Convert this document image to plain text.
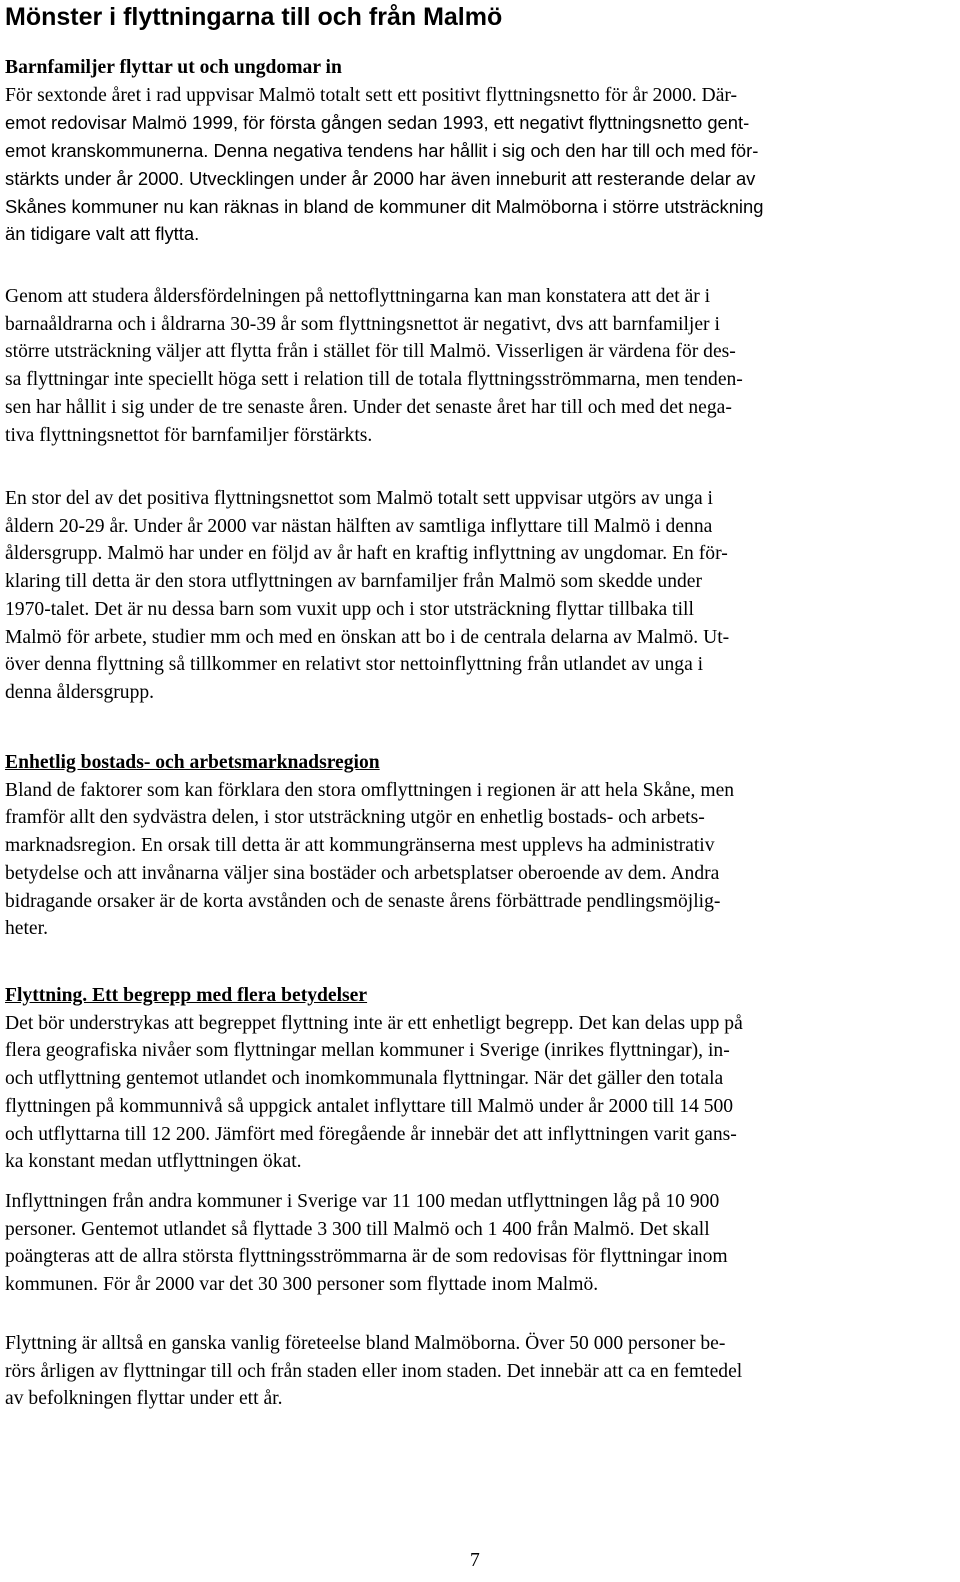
Mönster i flyttningarna till och från Malmö
Barnfamiljer flyttar ut och ungdomar in
För sextonde året i rad uppvisar Malmö totalt sett ett positivt flyttningsnetto för år 2000. Där-
emot redovisar Malmö 1999, för första gången sedan 1993, ett negativt flyttningsnetto gent-
emot kranskommunerna. Denna negativa tendens har hållit i sig och den har till och med för-
stärkts under år 2000. Utvecklingen under år 2000 har även inneburit att resterande delar av
Skånes kommuner nu kan räknas in bland de kommuner dit Malmöborna i större utsträckning
än tidigare valt att flytta.
Genom att studera åldersfördelningen på nettoflyttningarna kan man konstatera att det är i
barnaåldrarna och i åldrarna 30-39 år som flyttningsnettot är negativt, dvs att barnfamiljer i
större utsträckning väljer att flytta från i stället för till Malmö. Visserligen är värdena för des-
sa flyttningar inte speciellt höga sett i relation till de totala flyttningsströmmarna, men tenden-
sen har hållit i sig under de tre senaste åren. Under det senaste året har till och med det nega-
tiva flyttningsnettot för barnfamiljer förstärkts.
En stor del av det positiva flyttningsnettot som Malmö totalt sett uppvisar utgörs av unga i
åldern 20-29 år. Under år 2000 var nästan hälften av samtliga inflyttare till Malmö i denna
åldersgrupp. Malmö har under en följd av år haft en kraftig inflyttning av ungdomar. En för-
klaring till detta är den stora utflyttningen av barnfamiljer från Malmö som skedde under
1970-talet. Det är nu dessa barn som vuxit upp och i stor utsträckning flyttar tillbaka till
Malmö för arbete, studier mm och med en önskan att bo i de centrala delarna av Malmö. Ut-
över denna flyttning så tillkommer en relativt stor nettoinflyttning från utlandet av unga i
denna åldersgrupp.
Enhetlig bostads- och arbetsmarknadsregion
Bland de faktorer som kan förklara den stora omflyttningen i regionen är att hela Skåne, men
framför allt den sydvästra delen, i stor utsträckning utgör en enhetlig bostads- och arbets-
marknadsregion. En orsak till detta är att kommungränserna mest upplevs ha administrativ
betydelse och att invånarna väljer sina bostäder och arbetsplatser oberoende av dem. Andra
bidragande orsaker är de korta avstånden och de senaste årens förbättrade pendlingsmöjlig-
heter.
Flyttning. Ett begrepp med flera betydelser
Det bör understrykas att begreppet flyttning inte är ett enhetligt begrepp. Det kan delas upp på
flera geografiska nivåer som flyttningar mellan kommuner i Sverige (inrikes flyttningar), in-
och utflyttning gentemot utlandet och inomkommunala flyttningar. När det gäller den totala
flyttningen på kommunnivå så uppgick antalet inflyttare till Malmö under år 2000 till 14 500
och utflyttarna till 12 200. Jämfört med föregående år innebär det att inflyttningen varit gans-
ka konstant medan utflyttningen ökat.
Inflyttningen från andra kommuner i Sverige var 11 100 medan utflyttningen låg på 10 900
personer. Gentemot utlandet så flyttade 3 300 till Malmö och 1 400 från Malmö. Det skall
poängteras att de allra största flyttningsströmmarna är de som redovisas för flyttningar inom
kommunen. För år 2000 var det 30 300 personer som flyttade inom Malmö.
Flyttning är alltså en ganska vanlig företeelse bland Malmöborna. Över 50 000 personer be-
rörs årligen av flyttningar till och från staden eller inom staden. Det innebär att ca en femtedel
av befolkningen flyttar under ett år.
7
